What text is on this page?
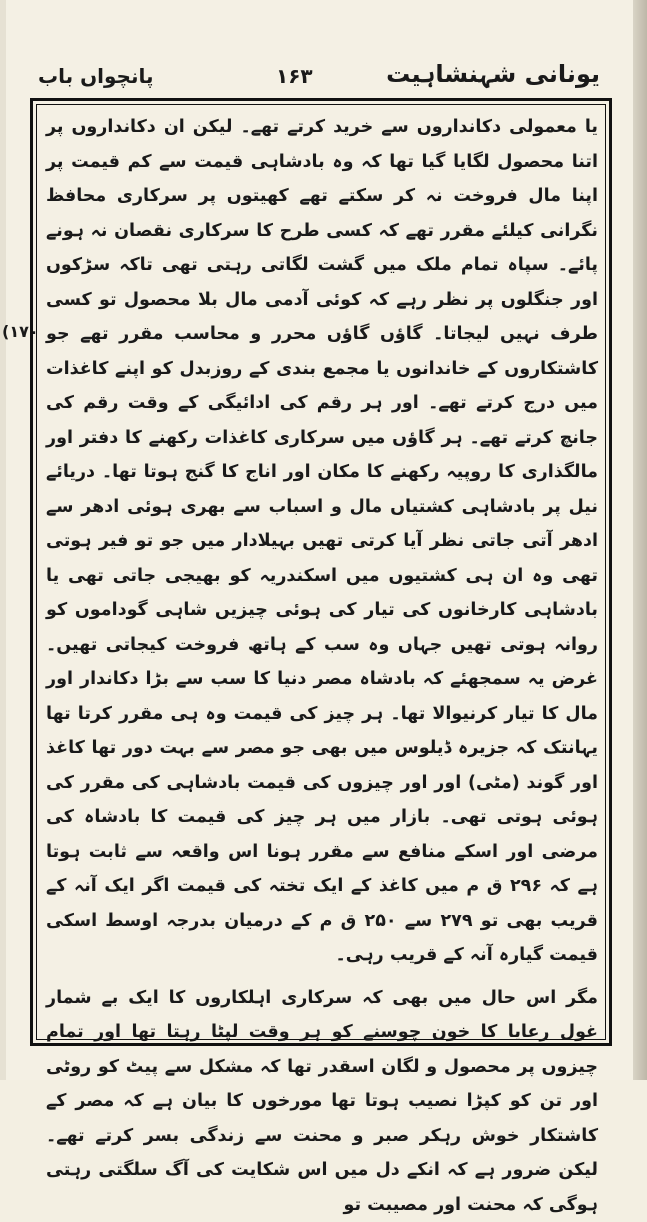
یونانی شہنشاہیت
۱۶۳
پانچواں باب
(۱۷۰

یا معمولی دکانداروں سے خرید کرتے تھے۔ لیکن ان دکانداروں پر اتنا محصول لگایا گیا تھا کہ وہ بادشاہی قیمت سے کم قیمت پر اپنا مال فروخت نہ کر سکتے تھے کھیتوں پر سرکاری محافظ نگرانی کیلئے مقرر تھے کہ کسی طرح کا سرکاری نقصان نہ ہونے پائے۔ سپاہ تمام ملک میں گشت لگاتی رہتی تھی تاکہ سڑکوں اور جنگلوں پر نظر رہے کہ کوئی آدمی مال بلا محصول تو کسی طرف نہیں لیجاتا۔ گاؤں گاؤں محرر و محاسب مقرر تھے جو کاشتکاروں کے خاندانوں یا مجمع بندی کے روزبدل کو اپنے کاغذات میں درج کرتے تھے۔ اور ہر رقم کی ادائیگی کے وقت رقم کی جانچ کرتے تھے۔ ہر گاؤں میں سرکاری کاغذات رکھنے کا دفتر اور مالگذاری کا روپیہ رکھنے کا مکان اور اناج کا گنج ہوتا تھا۔ دریائے نیل پر بادشاہی کشتیاں مال و اسباب سے بھری ہوئی ادھر سے ادھر آتی جاتی نظر آیا کرتی تھیں بہیلادار میں جو تو فیر ہوتی تھی وہ ان ہی کشتیوں میں اسکندریہ کو بھیجی جاتی تھی یا بادشاہی کارخانوں کی تیار کی ہوئی چیزیں شاہی گوداموں کو روانہ ہوتی تھیں جہاں وہ سب کے ہاتھ فروخت کیجاتی تھیں۔ غرض یہ سمجھئے کہ بادشاہ مصر دنیا کا سب سے بڑا دکاندار اور مال کا تیار کرنیوالا تھا۔ ہر چیز کی قیمت وہ ہی مقرر کرتا تھا یہانتک کہ جزیرہ ڈیلوس میں بھی جو مصر سے بہت دور تھا کاغذ اور گوند (مٹی) اور اور چیزوں کی قیمت بادشاہی کی مقرر کی ہوئی ہوتی تھی۔ بازار میں ہر چیز کی قیمت کا بادشاہ کی مرضی اور اسکے منافع سے مقرر ہونا اس واقعہ سے ثابت ہوتا ہے کہ ۲۹۶ ق م میں کاغذ کے ایک تختہ کی قیمت اگر ایک آنہ کے قریب بھی تو ۲۷۹ سے ۲۵۰ ق م کے درمیان بدرجہ اوسط اسکی قیمت گیارہ آنہ کے قریب رہی۔

مگر اس حال میں بھی کہ سرکاری اہلکاروں کا ایک بے شمار غول رعایا کا خون چوسنے کو ہر وقت لپٹا رہتا تھا اور تمام چیزوں پر محصول و لگان اسقدر تھا کہ مشکل سے پیٹ کو روٹی اور تن کو کپڑا نصیب ہوتا تھا مورخوں کا بیان ہے کہ مصر کے کاشتکار خوش رہکر صبر و محنت سے زندگی بسر کرتے تھے۔ لیکن ضرور ہے کہ انکے دل میں اس شکایت کی آگ سلگتی رہتی ہوگی کہ محنت اور مصیبت تو
